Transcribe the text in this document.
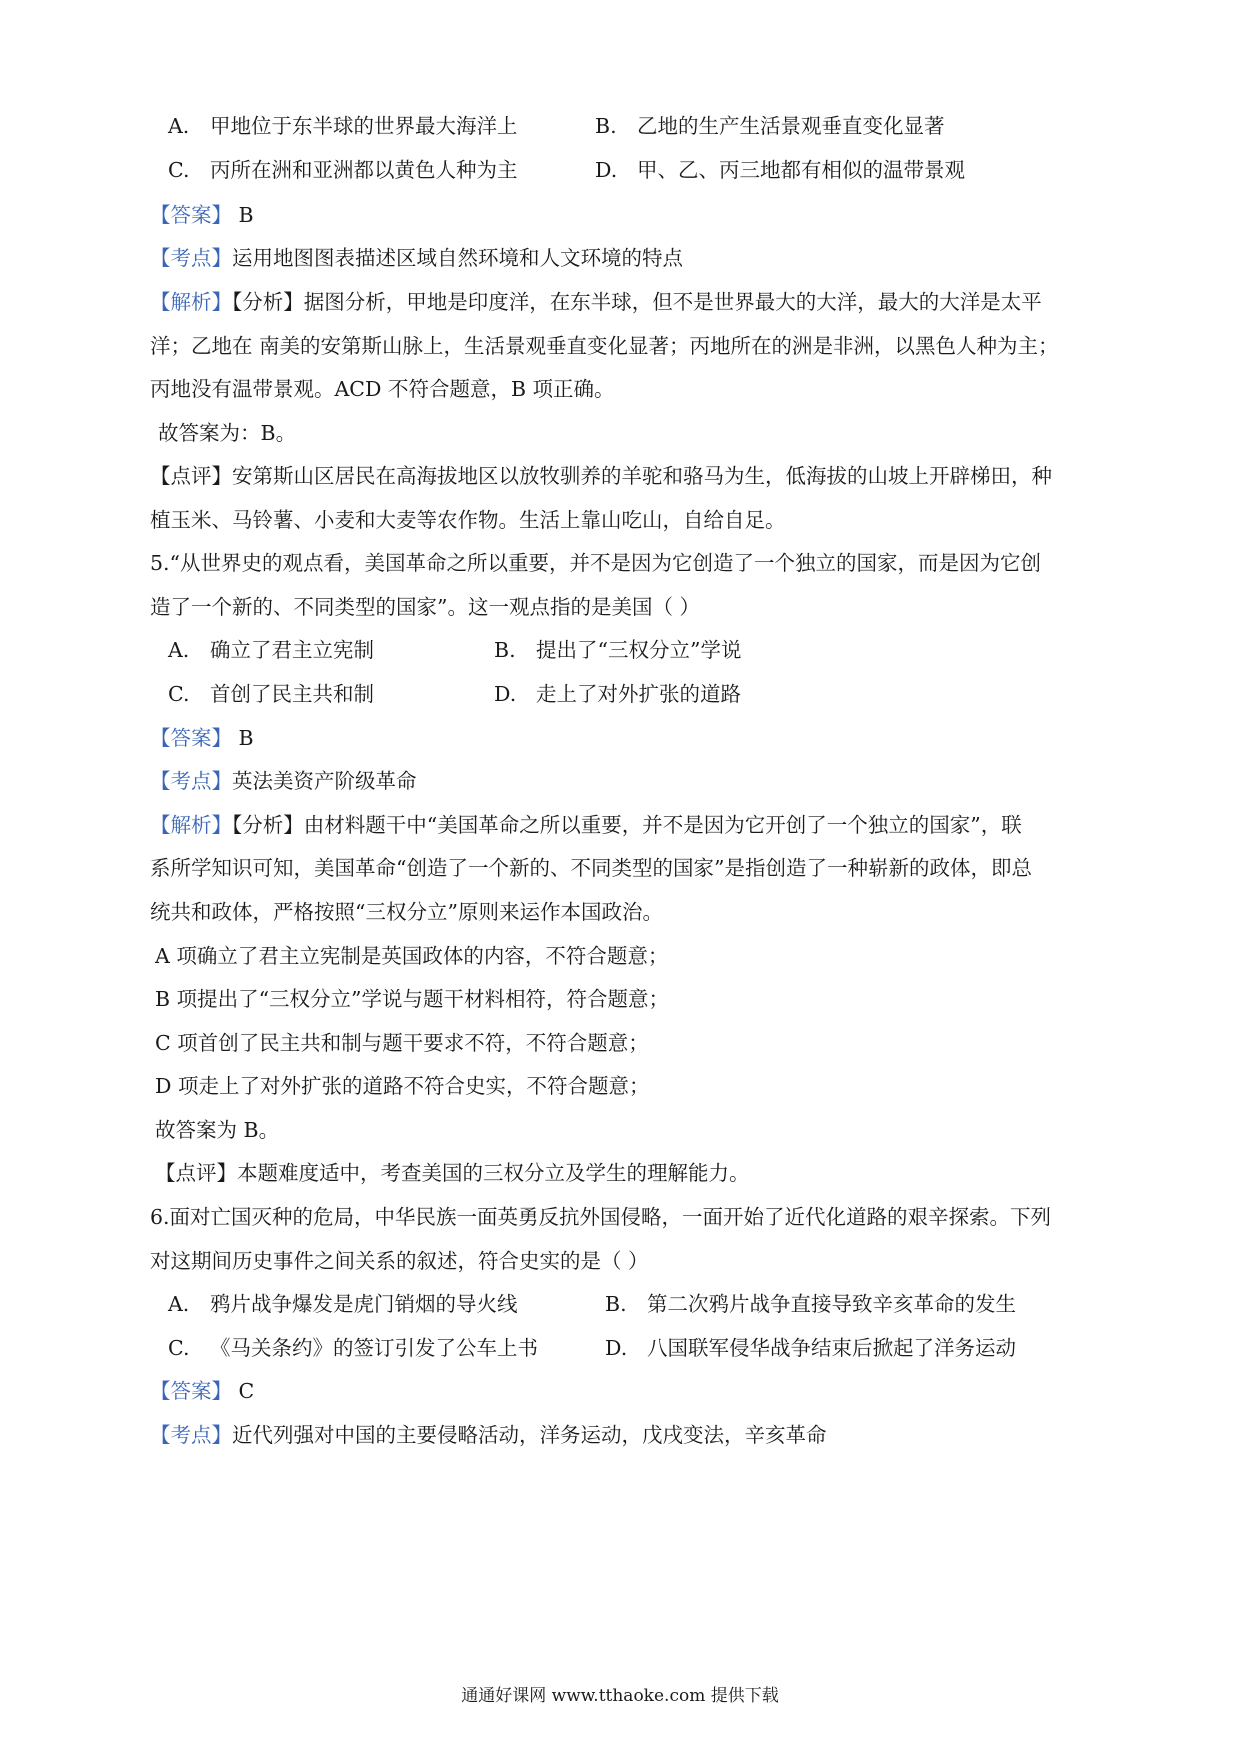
A. 甲地位于东半球的世界最大海洋上	B. 乙地的生产生活景观垂直变化显著
C. 丙所在洲和亚洲都以黄色人种为主	D. 甲、乙、丙三地都有相似的温带景观
【答案】 B
【考点】运用地图图表描述区域自然环境和人文环境的特点
【解析】【分析】据图分析，甲地是印度洋，在东半球，但不是世界最大的大洋，最大的大洋是太平
洋；乙地在 南美的安第斯山脉上，生活景观垂直变化显著；丙地所在的洲是非洲，以黑色人种为主；
丙地没有温带景观。ACD 不符合题意，B 项正确。
故答案为：B。
【点评】安第斯山区居民在高海拔地区以放牧驯养的羊驼和骆马为生，低海拔的山坡上开辟梯田，种
植玉米、马铃薯、小麦和大麦等农作物。生活上靠山吃山，自给自足。
5.“从世界史的观点看，美国革命之所以重要，并不是因为它创造了一个独立的国家，而是因为它创
造了一个新的、不同类型的国家”。这一观点指的是美国（ ）
A. 确立了君主立宪制	B. 提出了“三权分立”学说
C. 首创了民主共和制	D. 走上了对外扩张的道路
【答案】 B
【考点】英法美资产阶级革命
【解析】【分析】由材料题干中“美国革命之所以重要，并不是因为它开创了一个独立的国家”，联
系所学知识可知，美国革命“创造了一个新的、不同类型的国家”是指创造了一种崭新的政体，即总
统共和政体，严格按照“三权分立”原则来运作本国政治。
A 项确立了君主立宪制是英国政体的内容，不符合题意；
B 项提出了“三权分立”学说与题干材料相符，符合题意；
C 项首创了民主共和制与题干要求不符，不符合题意；
D 项走上了对外扩张的道路不符合史实，不符合题意；
故答案为 B。
【点评】本题难度适中，考查美国的三权分立及学生的理解能力。
6.面对亡国灭种的危局，中华民族一面英勇反抗外国侵略，一面开始了近代化道路的艰辛探索。下列
对这期间历史事件之间关系的叙述，符合史实的是（ ）
A. 鸦片战争爆发是虎门销烟的导火线	B. 第二次鸦片战争直接导致辛亥革命的发生
C. 《马关条约》的签订引发了公车上书	D. 八国联军侵华战争结束后掀起了洋务运动
【答案】 C
【考点】近代列强对中国的主要侵略活动，洋务运动，戊戌变法，辛亥革命
通通好课网 www.tthaoke.com 提供下载
